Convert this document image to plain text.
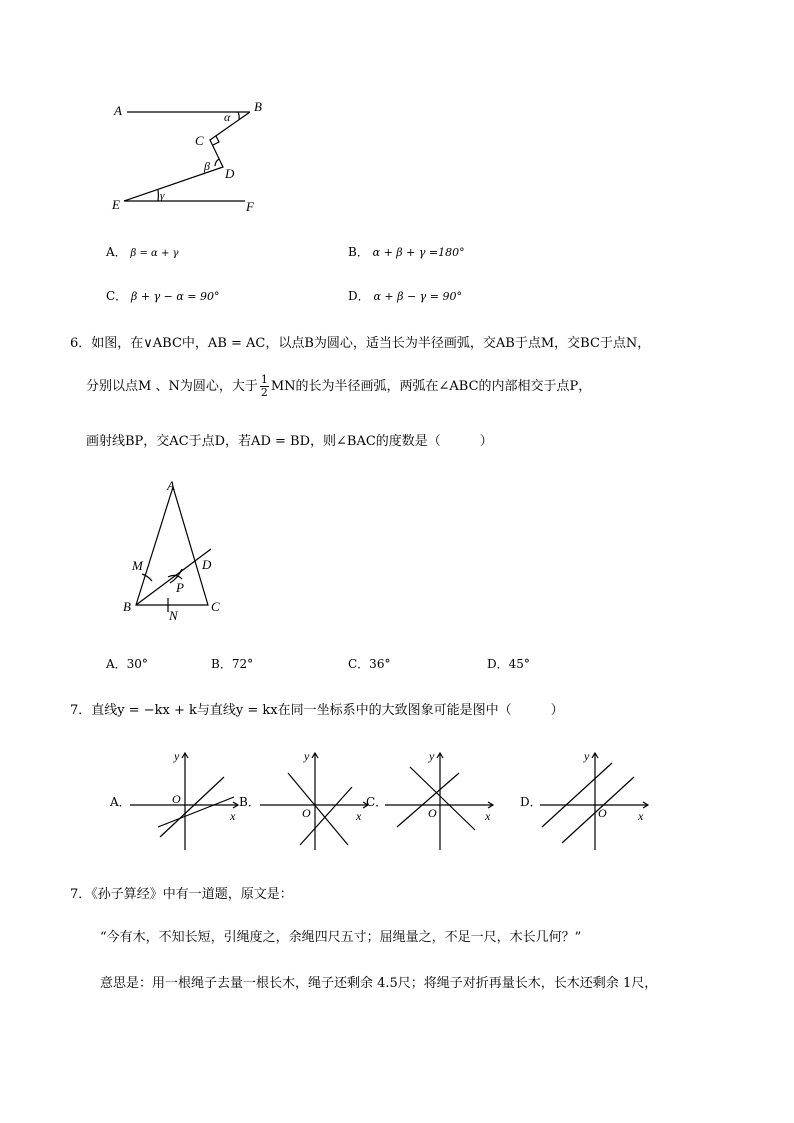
A	B
C
D
E	F
α
β
γ
A． β = α + γ	B． α + β + γ =180°
C． β + γ − α = 90°	D． α + β − γ = 90°
6．如图，在∨ABC中，AB = AC，以点B为圆心，适当长为半径画弧，交AB于点M，交BC于点N，
分别以点M 、N为圆心，大于 $\frac{1}{2}$ MN的长为半径画弧，两弧在∠ABC的内部相交于点P，
画射线BP，交AC于点D，若AD = BD，则∠BAC的度数是（　　　）
A
M	D
P
B	C
N
A．30°	B．72°	C．36°	D．45°
7．直线y = −kx + k与直线y = kx在同一坐标系中的大致图象可能是图中（　　　）
A．	B．	C．	D．
y
x
O
y
x
O
y
x
O
y
x
O
7．《孙子算经》中有一道题，原文是：
“今有木，不知长短，引绳度之，余绳四尺五寸；屈绳量之，不足一尺，木长几何？”
意思是：用一根绳子去量一根长木，绳子还剩余 4.5尺；将绳子对折再量长木，长木还剩余 1尺，
